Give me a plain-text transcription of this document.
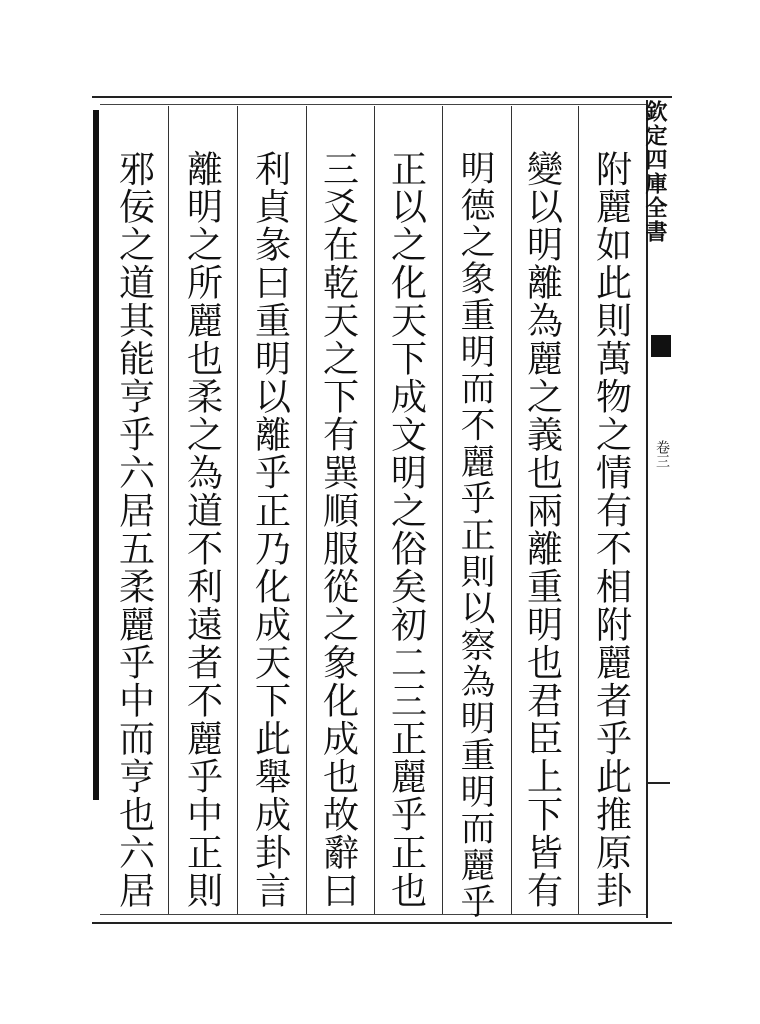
欽定四庫全書
卷三
附麗如此則萬物之情有不相附麗者乎此推原卦
變以明離為麗之義也兩離重明也君臣上下皆有
明德之象重明而不麗乎正則以察為明重明而麗乎
正以之化天下成文明之俗矣初二三正麗乎正也
三爻在乾天之下有巽順服從之象化成也故辭曰
利貞彖曰重明以離乎正乃化成天下此舉成卦言
離明之所麗也柔之為道不利遠者不麗乎中正則
邪佞之道其能亨乎六居五柔麗乎中而亨也六居
